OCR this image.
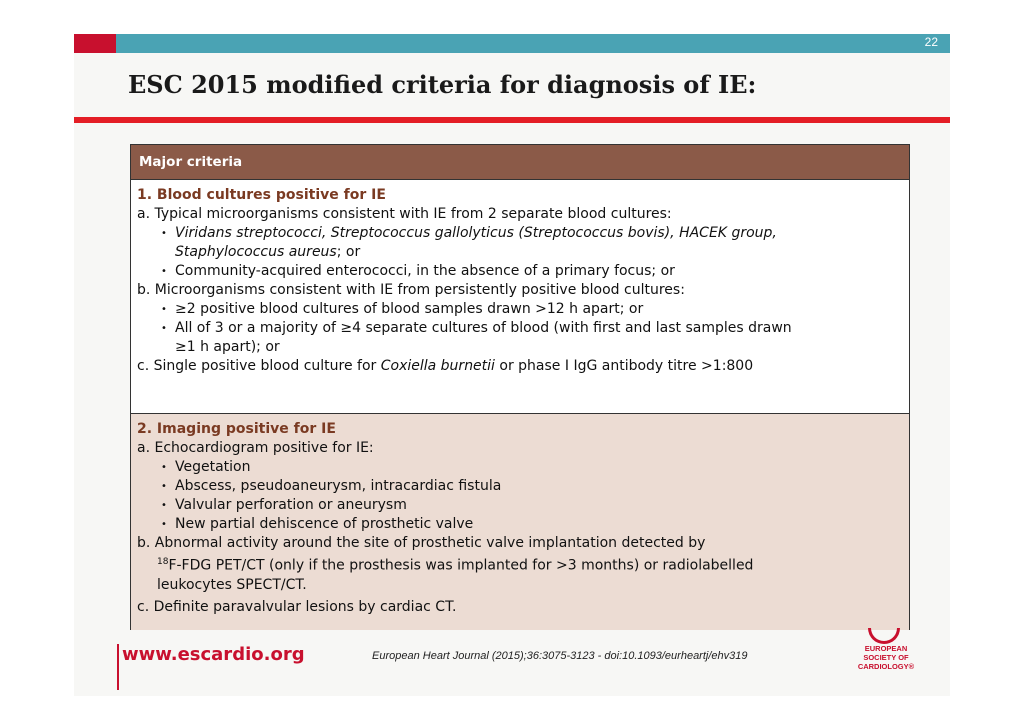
22
ESC 2015 modified criteria for diagnosis of IE:
Major criteria
1. Blood cultures positive for IE
a. Typical microorganisms consistent with IE from 2 separate blood cultures:
• Viridans streptococci, Streptococcus gallolyticus (Streptococcus bovis), HACEK group,
Staphylococcus aureus; or
• Community-acquired enterococci, in the absence of a primary focus; or
b. Microorganisms consistent with IE from persistently positive blood cultures:
• ≥2 positive blood cultures of blood samples drawn >12 h apart; or
• All of 3 or a majority of ≥4 separate cultures of blood (with first and last samples drawn
≥1 h apart); or
c. Single positive blood culture for Coxiella burnetii or phase I IgG antibody titre >1:800
2. Imaging positive for IE
a. Echocardiogram positive for IE:
• Vegetation
• Abscess, pseudoaneurysm, intracardiac fistula
• Valvular perforation or aneurysm
• New partial dehiscence of prosthetic valve
b. Abnormal activity around the site of prosthetic valve implantation detected by
$^{18}$F-FDG PET/CT (only if the prosthesis was implanted for >3 months) or radiolabelled
leukocytes SPECT/CT.
c. Definite paravalvular lesions by cardiac CT.
www.escardio.org	European Heart Journal (2015);36:3075-3123 - doi:10.1093/eurheartj/ehv319
EUROPEAN
SOCIETY OF
CARDIOLOGY®
